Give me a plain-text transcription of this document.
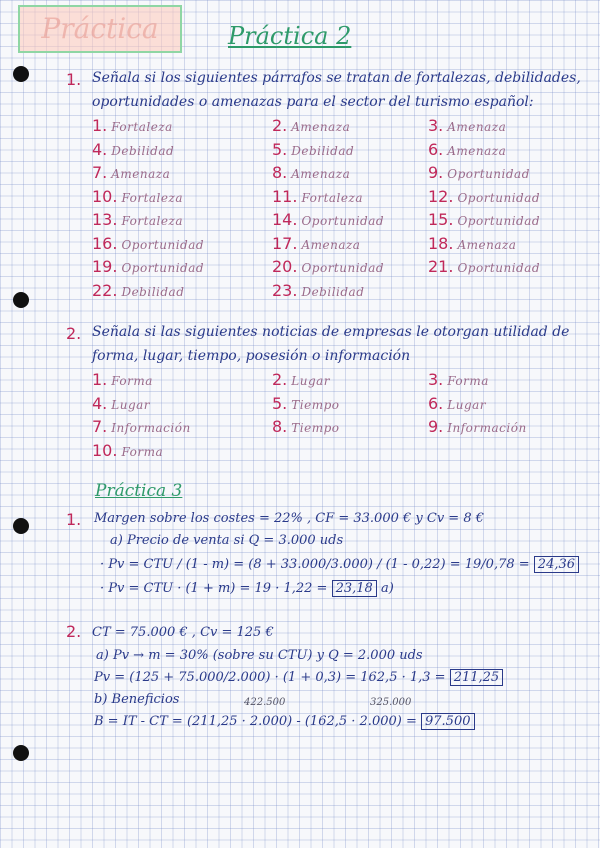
Práctica	Práctica 2
1. Señala si los siguientes párrafos se tratan de fortalezas, debilidades,
oportunidades o amenazas para el sector del turismo español:
1. Fortaleza	2. Amenaza	3. Amenaza
4. Debilidad	5. Debilidad	6. Amenaza
7. Amenaza	8. Amenaza	9. Oportunidad
10. Fortaleza	11. Fortaleza	12. Oportunidad
13. Fortaleza	14. Oportunidad	15. Oportunidad
16. Oportunidad	17. Amenaza	18. Amenaza
19. Oportunidad	20. Oportunidad	21. Oportunidad
22. Debilidad	23. Debilidad
2. Señala si las siguientes noticias de empresas le otorgan utilidad de
forma, lugar, tiempo, posesión o información
1. Forma	2. Lugar	3. Forma
4. Lugar	5. Tiempo	6. Lugar
7. Información	8. Tiempo	9. Información
10. Forma
Práctica 3
1. Margen sobre los costes = 22% , CF = 33.000 € y Cv = 8 €
a) Precio de venta si Q = 3.000 uds
· Pv = CTU / (1 - m) = (8 + 33.000/3.000) / (1 - 0,22) = 19/0,78 = 24,36
· Pv = CTU · (1 + m) = 19 · 1,22 = 23,18 a)
2. CT = 75.000 € , Cv = 125 €
a) Pv → m = 30% (sobre su CTU) y Q = 2.000 uds
Pv = (125 + 75.000/2.000) · (1 + 0,3) = 162,5 · 1,3 = 211,25
b) Beneficios	422.500	325.000
B = IT - CT = (211,25 · 2.000) - (162,5 · 2.000) = 97.500
